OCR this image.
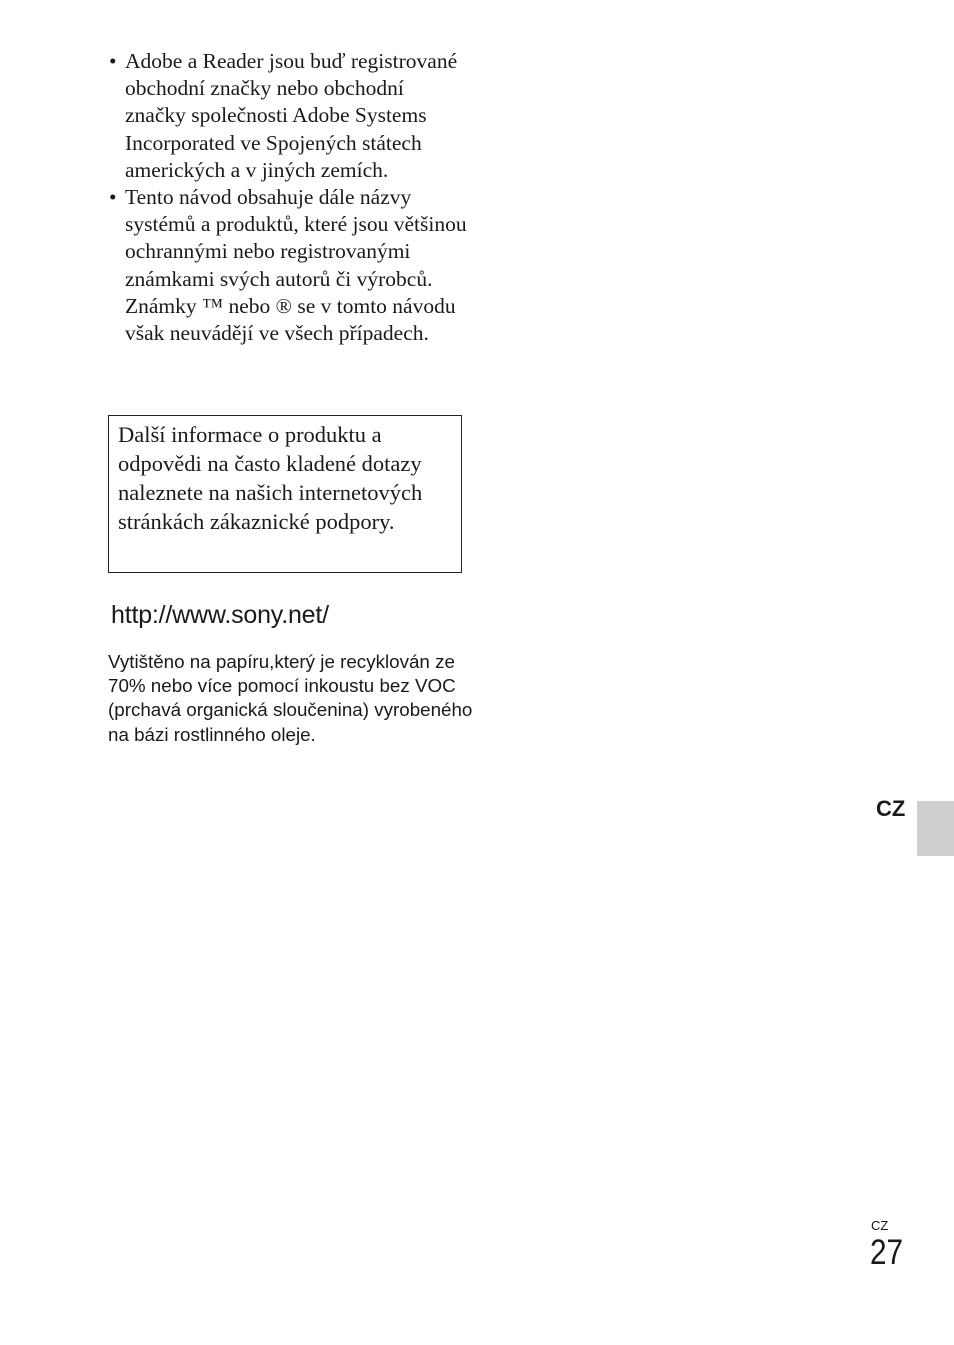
• Adobe a Reader jsou buď registrované obchodní značky nebo obchodní značky společnosti Adobe Systems Incorporated ve Spojených státech amerických a v jiných zemích.
• Tento návod obsahuje dále názvy systémů a produktů, které jsou většinou ochrannými nebo registrovanými známkami svých autorů či výrobců. Známky ™ nebo ® se v tomto návodu však neuvádějí ve všech případech.
Další informace o produktu a odpovědi na často kladené dotazy naleznete na našich internetových stránkách zákaznické podpory.
http://www.sony.net/
Vytištěno na papíru,který je recyklován ze 70% nebo více pomocí inkoustu bez VOC (prchavá organická sloučenina) vyrobeného na bázi rostlinného oleje.
CZ
CZ
27
